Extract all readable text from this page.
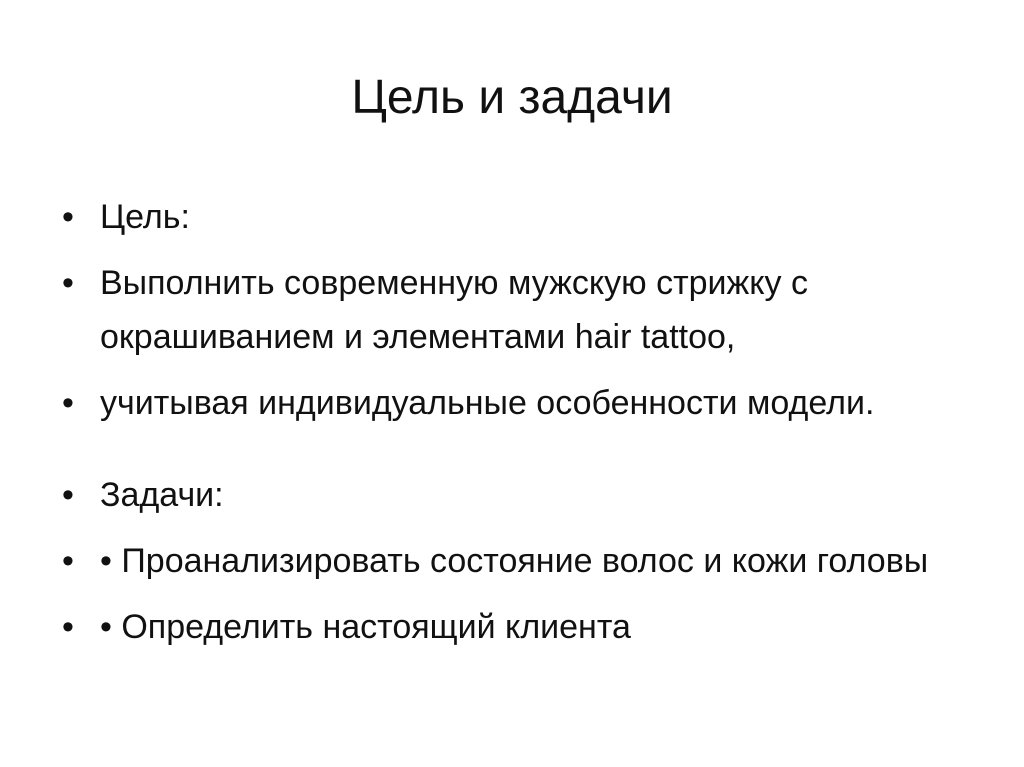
Цель и задачи
• Цель:
• Выполнить современную мужскую стрижку с окрашиванием и элементами hair tattoo,
• учитывая индивидуальные особенности модели.
• Задачи:
• • Проанализировать состояние волос и кожи головы
• • Определить настоящий клиента
